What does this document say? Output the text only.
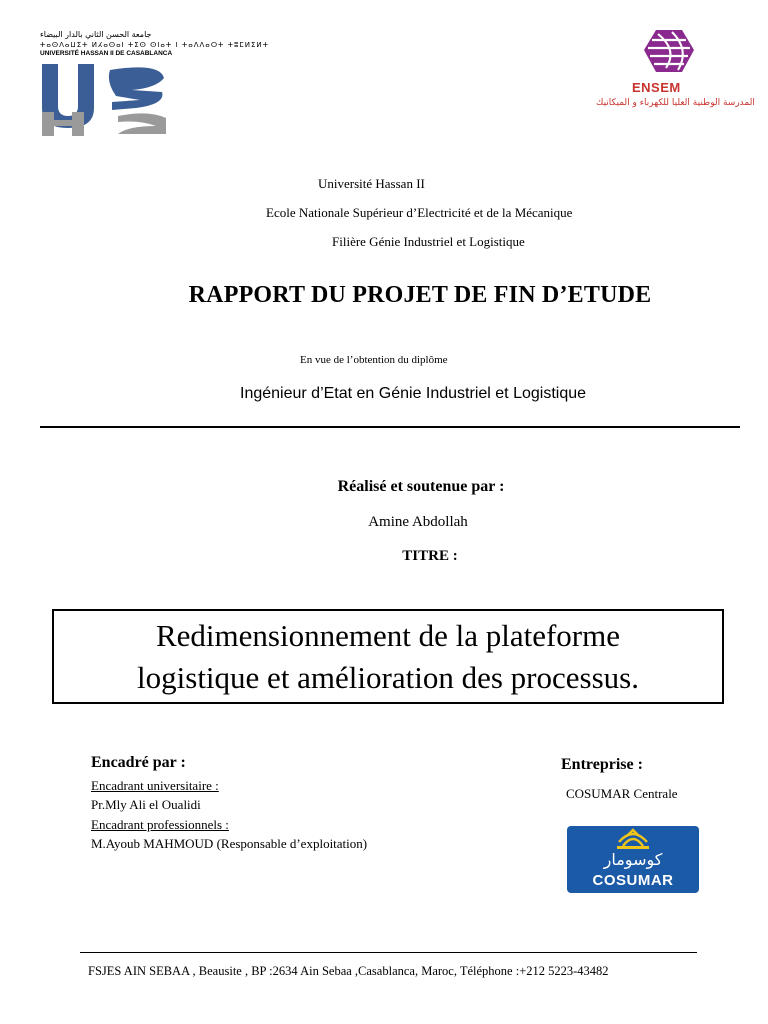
جامعة الحسن الثاني بالدار البيضاء
ⵜⴰⵙⴷⴰⵡⵉⵜ ⵍⵃⴰⵙⴰⵏ ⵜⵉⵙ ⵙⵏⴰⵜ ⵏ ⵜⴰⴷⴷⴰⵔⵜ ⵜⵓⵎⵍⵉⵍⵜ
UNIVERSITÉ HASSAN II DE CASABLANCA
ENSEM
المدرسة الوطنية العليا للكهرباء و الميكانيك
Université Hassan II
Ecole Nationale Supérieur d’Electricité et de la Mécanique
Filière Génie Industriel et Logistique
RAPPORT DU PROJET DE FIN D’ETUDE
En vue de l’obtention du diplôme
Ingénieur d’Etat en Génie Industriel et Logistique
Réalisé et soutenue par :
Amine Abdollah
TITRE :
Redimensionnement de la plateforme
logistique et amélioration des processus.
Encadré par :
Encadrant universitaire :
Pr.Mly Ali el Oualidi
Encadrant professionnels :
M.Ayoub MAHMOUD (Responsable d’exploitation)
Entreprise :
COSUMAR Centrale
كوسومار
COSUMAR
FSJES AIN SEBAA , Beausite , BP :2634 Ain Sebaa ,Casablanca, Maroc, Téléphone :+212 5223-43482
